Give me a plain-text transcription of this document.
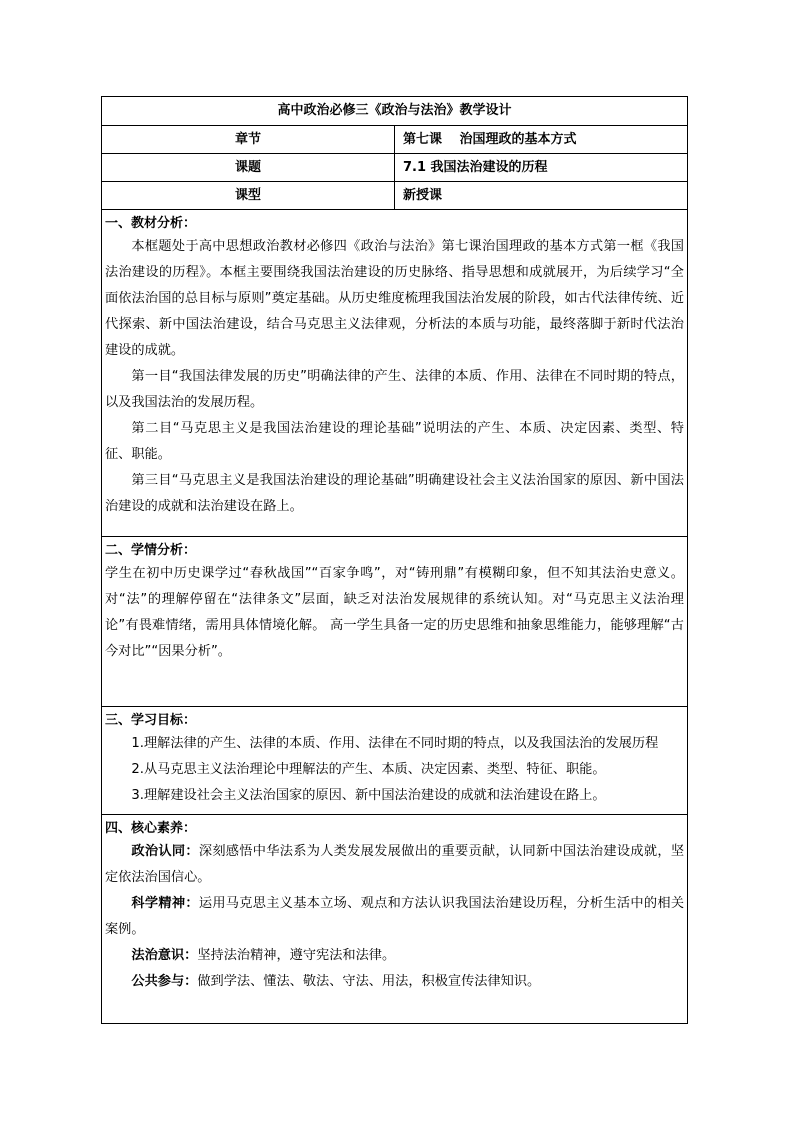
高中政治必修三《政治与法治》教学设计	
章节	第七课　 治国理政的基本方式
课题	7.1 我国法治建设的历程
课型	新授课

一、教材分析：

本框题处于高中思想政治教材必修四《政治与法治》第七课治国理政的基本方式第一框《我国法治建设的历程》。本框主要围绕我国法治建设的历史脉络、指导思想和成就展开，为后续学习“全面依法治国的总目标与原则”奠定基础。从历史维度梳理我国法治发展的阶段，如古代法律传统、近代探索、新中国法治建设，结合马克思主义法律观，分析法的本质与功能，最终落脚于新时代法治建设的成就。

第一目“我国法律发展的历史”明确法律的产生、法律的本质、作用、法律在不同时期的特点，以及我国法治的发展历程。

第二目“马克思主义是我国法治建设的理论基础”说明法的产生、本质、决定因素、类型、特征、职能。

第三目“马克思主义是我国法治建设的理论基础”明确建设社会主义法治国家的原因、新中国法治建设的成就和法治建设在路上。	

二、学情分析：

学生在初中历史课学过“春秋战国”“百家争鸣”，对“铸刑鼎”有模糊印象，但不知其法治史意义。对“法”的理解停留在“法律条文”层面，缺乏对法治发展规律的系统认知。对“马克思主义法治理论”有畏难情绪，需用具体情境化解。 高一学生具备一定的历史思维和抽象思维能力，能够理解“古今对比”“因果分析”。	

三、学习目标：

1.理解法律的产生、法律的本质、作用、法律在不同时期的特点，以及我国法治的发展历程

2.从马克思主义法治理论中理解法的产生、本质、决定因素、类型、特征、职能。

3.理解建设社会主义法治国家的原因、新中国法治建设的成就和法治建设在路上。	

四、核心素养：

政治认同：深刻感悟中华法系为人类发展发展做出的重要贡献，认同新中国法治建设成就，坚定依法治国信心。

科学精神：运用马克思主义基本立场、观点和方法认识我国法治建设历程，分析生活中的相关案例。

法治意识：坚持法治精神，遵守宪法和法律。

公共参与：做到学法、懂法、敬法、守法、用法，积极宣传法律知识。	
